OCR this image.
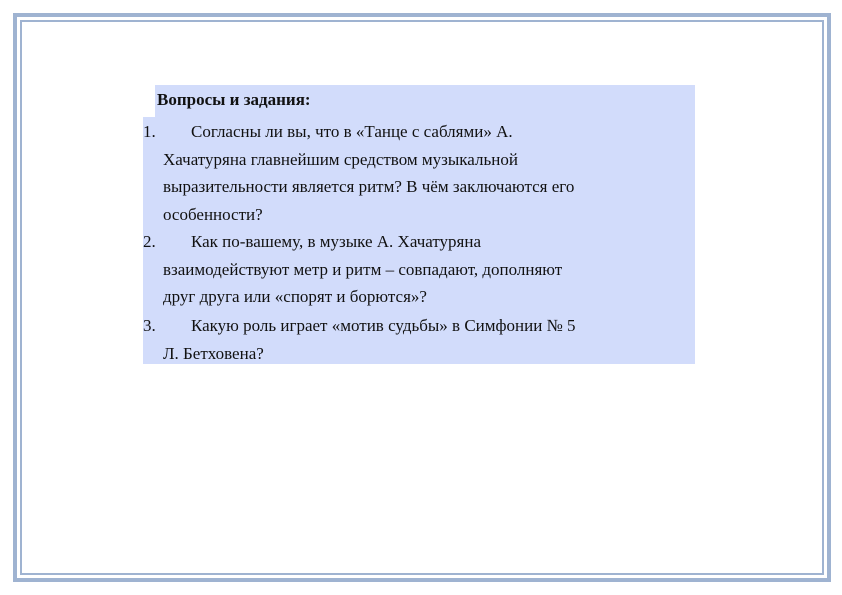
Вопросы и задания:
1. Согласны ли вы, что в «Танце с саблями» А.
Хачатуряна главнейшим средством музыкальной
выразительности является ритм? В чём заключаются его
особенности?
2. Как по-вашему, в музыке А. Хачатуряна
взаимодействуют метр и ритм – совпадают, дополняют
друг друга или «спорят и борются»?
3. Какую роль играет «мотив судьбы» в Симфонии № 5
Л. Бетховена?
